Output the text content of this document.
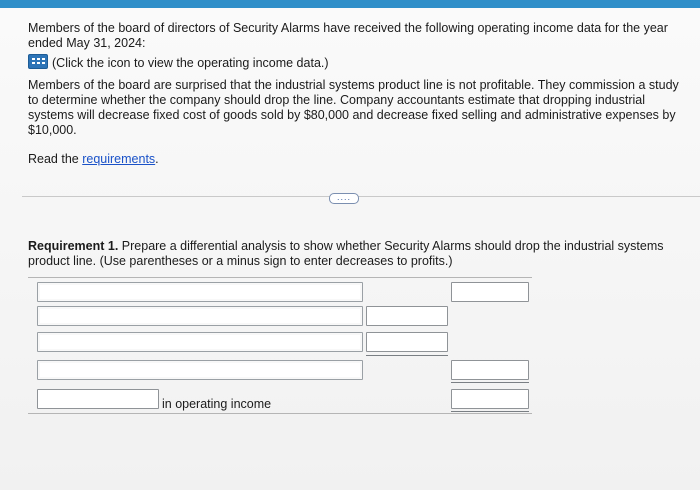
Members of the board of directors of Security Alarms have received the following operating income data for the year ended May 31, 2024:

(Click the icon to view the operating income data.)

Members of the board are surprised that the industrial systems product line is not profitable. They commission a study to determine whether the company should drop the line. Company accountants estimate that dropping industrial systems will decrease fixed cost of goods sold by $80,000 and decrease fixed selling and administrative expenses by $10,000.

Read the requirements.

....

Requirement 1. Prepare a differential analysis to show whether Security Alarms should drop the industrial systems product line. (Use parentheses or a minus sign to enter decreases to profits.)

in operating income
